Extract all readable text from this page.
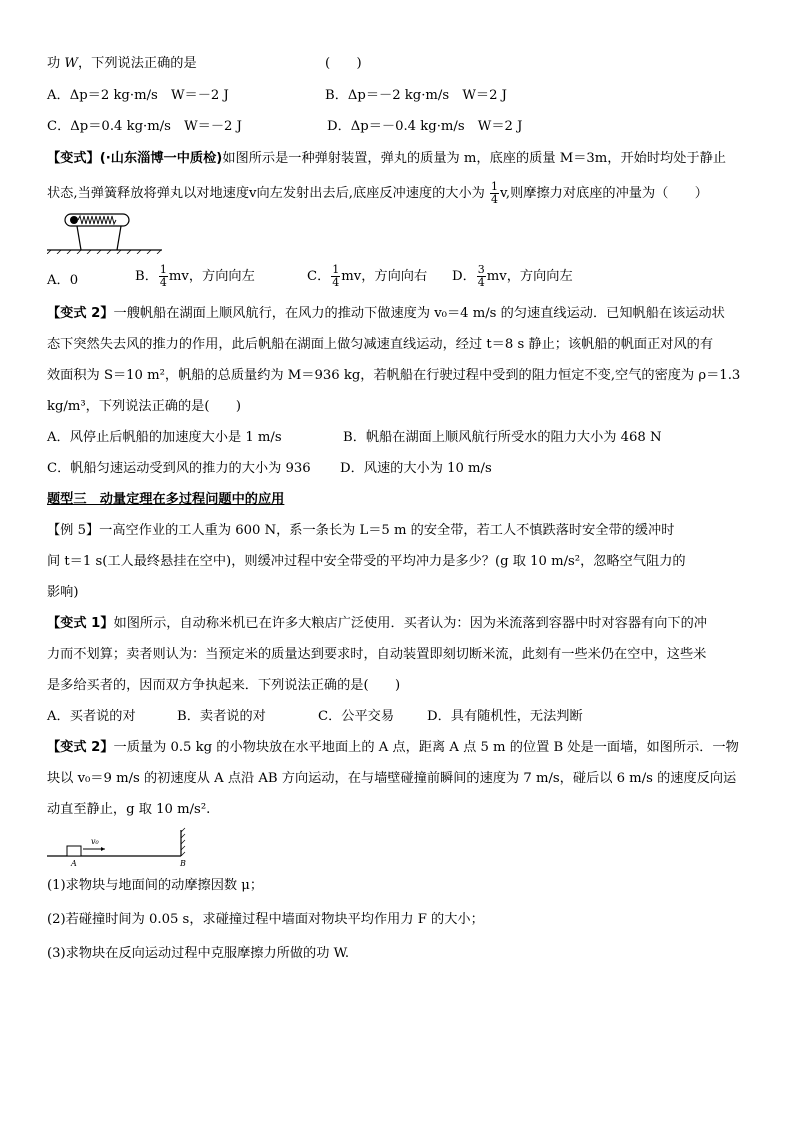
功 W，下列说法正确的是	(　　)
A．Δp＝2 kg·m/s　W＝－2 J	B．Δp＝－2 kg·m/s　W＝2 J
C．Δp＝0.4 kg·m/s　W＝－2 J	D．Δp＝－0.4 kg·m/s　W＝2 J
【变式】(·山东淄博一中质检)如图所示是一种弹射装置，弹丸的质量为 m，底座的质量 M＝3m，开始时均处于静止
状态,当弹簧释放将弹丸以对地速度v向左发射出去后,底座反冲速度的大小为 $\frac{1}{4} v$,则摩擦力对底座的冲量为（　　）
A．0	B． $\frac{1}{4}$ mv，方向向左	C． $\frac{1}{4}$ mv，方向向右 D． $\frac{3}{4}$ mv，方向向左
【变式 2】一艘帆船在湖面上顺风航行，在风力的推动下做速度为 v₀＝4 m/s 的匀速直线运动．已知帆船在该运动状
态下突然失去风的推力的作用，此后帆船在湖面上做匀减速直线运动，经过 t＝8 s 静止；该帆船的帆面正对风的有
效面积为 S＝10 m²，帆船的总质量约为 M＝936 kg，若帆船在行驶过程中受到的阻力恒定不变,空气的密度为 ρ＝1.3
kg/m³，下列说法正确的是(　　)
A．风停止后帆船的加速度大小是 1 m/s	B．帆船在湖面上顺风航行所受水的阻力大小为 468 N
C．帆船匀速运动受到风的推力的大小为 936 D．风速的大小为 10 m/s
题型三　动量定理在多过程问题中的应用
【例 5】一高空作业的工人重为 600 N，系一条长为 L＝5 m 的安全带，若工人不慎跌落时安全带的缓冲时
间 t＝1 s(工人最终悬挂在空中)，则缓冲过程中安全带受的平均冲力是多少？(g 取 10 m/s²，忽略空气阻力的
影响)
【变式 1】如图所示，自动称米机已在许多大粮店广泛使用．买者认为：因为米流落到容器中时对容器有向下的冲
力而不划算；卖者则认为：当预定米的质量达到要求时，自动装置即刻切断米流，此刻有一些米仍在空中，这些米
是多给买者的，因而双方争执起来．下列说法正确的是(　　)
A．买者说的对	B．卖者说的对	C．公平交易 D．具有随机性，无法判断
【变式 2】一质量为 0.5 kg 的小物块放在水平地面上的 A 点，距离 A 点 5 m 的位置 B 处是一面墙，如图所示．一物
块以 v₀＝9 m/s 的初速度从 A 点沿 AB 方向运动，在与墙壁碰撞前瞬间的速度为 7 m/s，碰后以 6 m/s 的速度反向运
动直至静止，g 取 10 m/s².
v₀
A	B
(1)求物块与地面间的动摩擦因数 μ；
(2)若碰撞时间为 0.05 s，求碰撞过程中墙面对物块平均作用力 F 的大小；
(3)求物块在反向运动过程中克服摩擦力所做的功 W.
